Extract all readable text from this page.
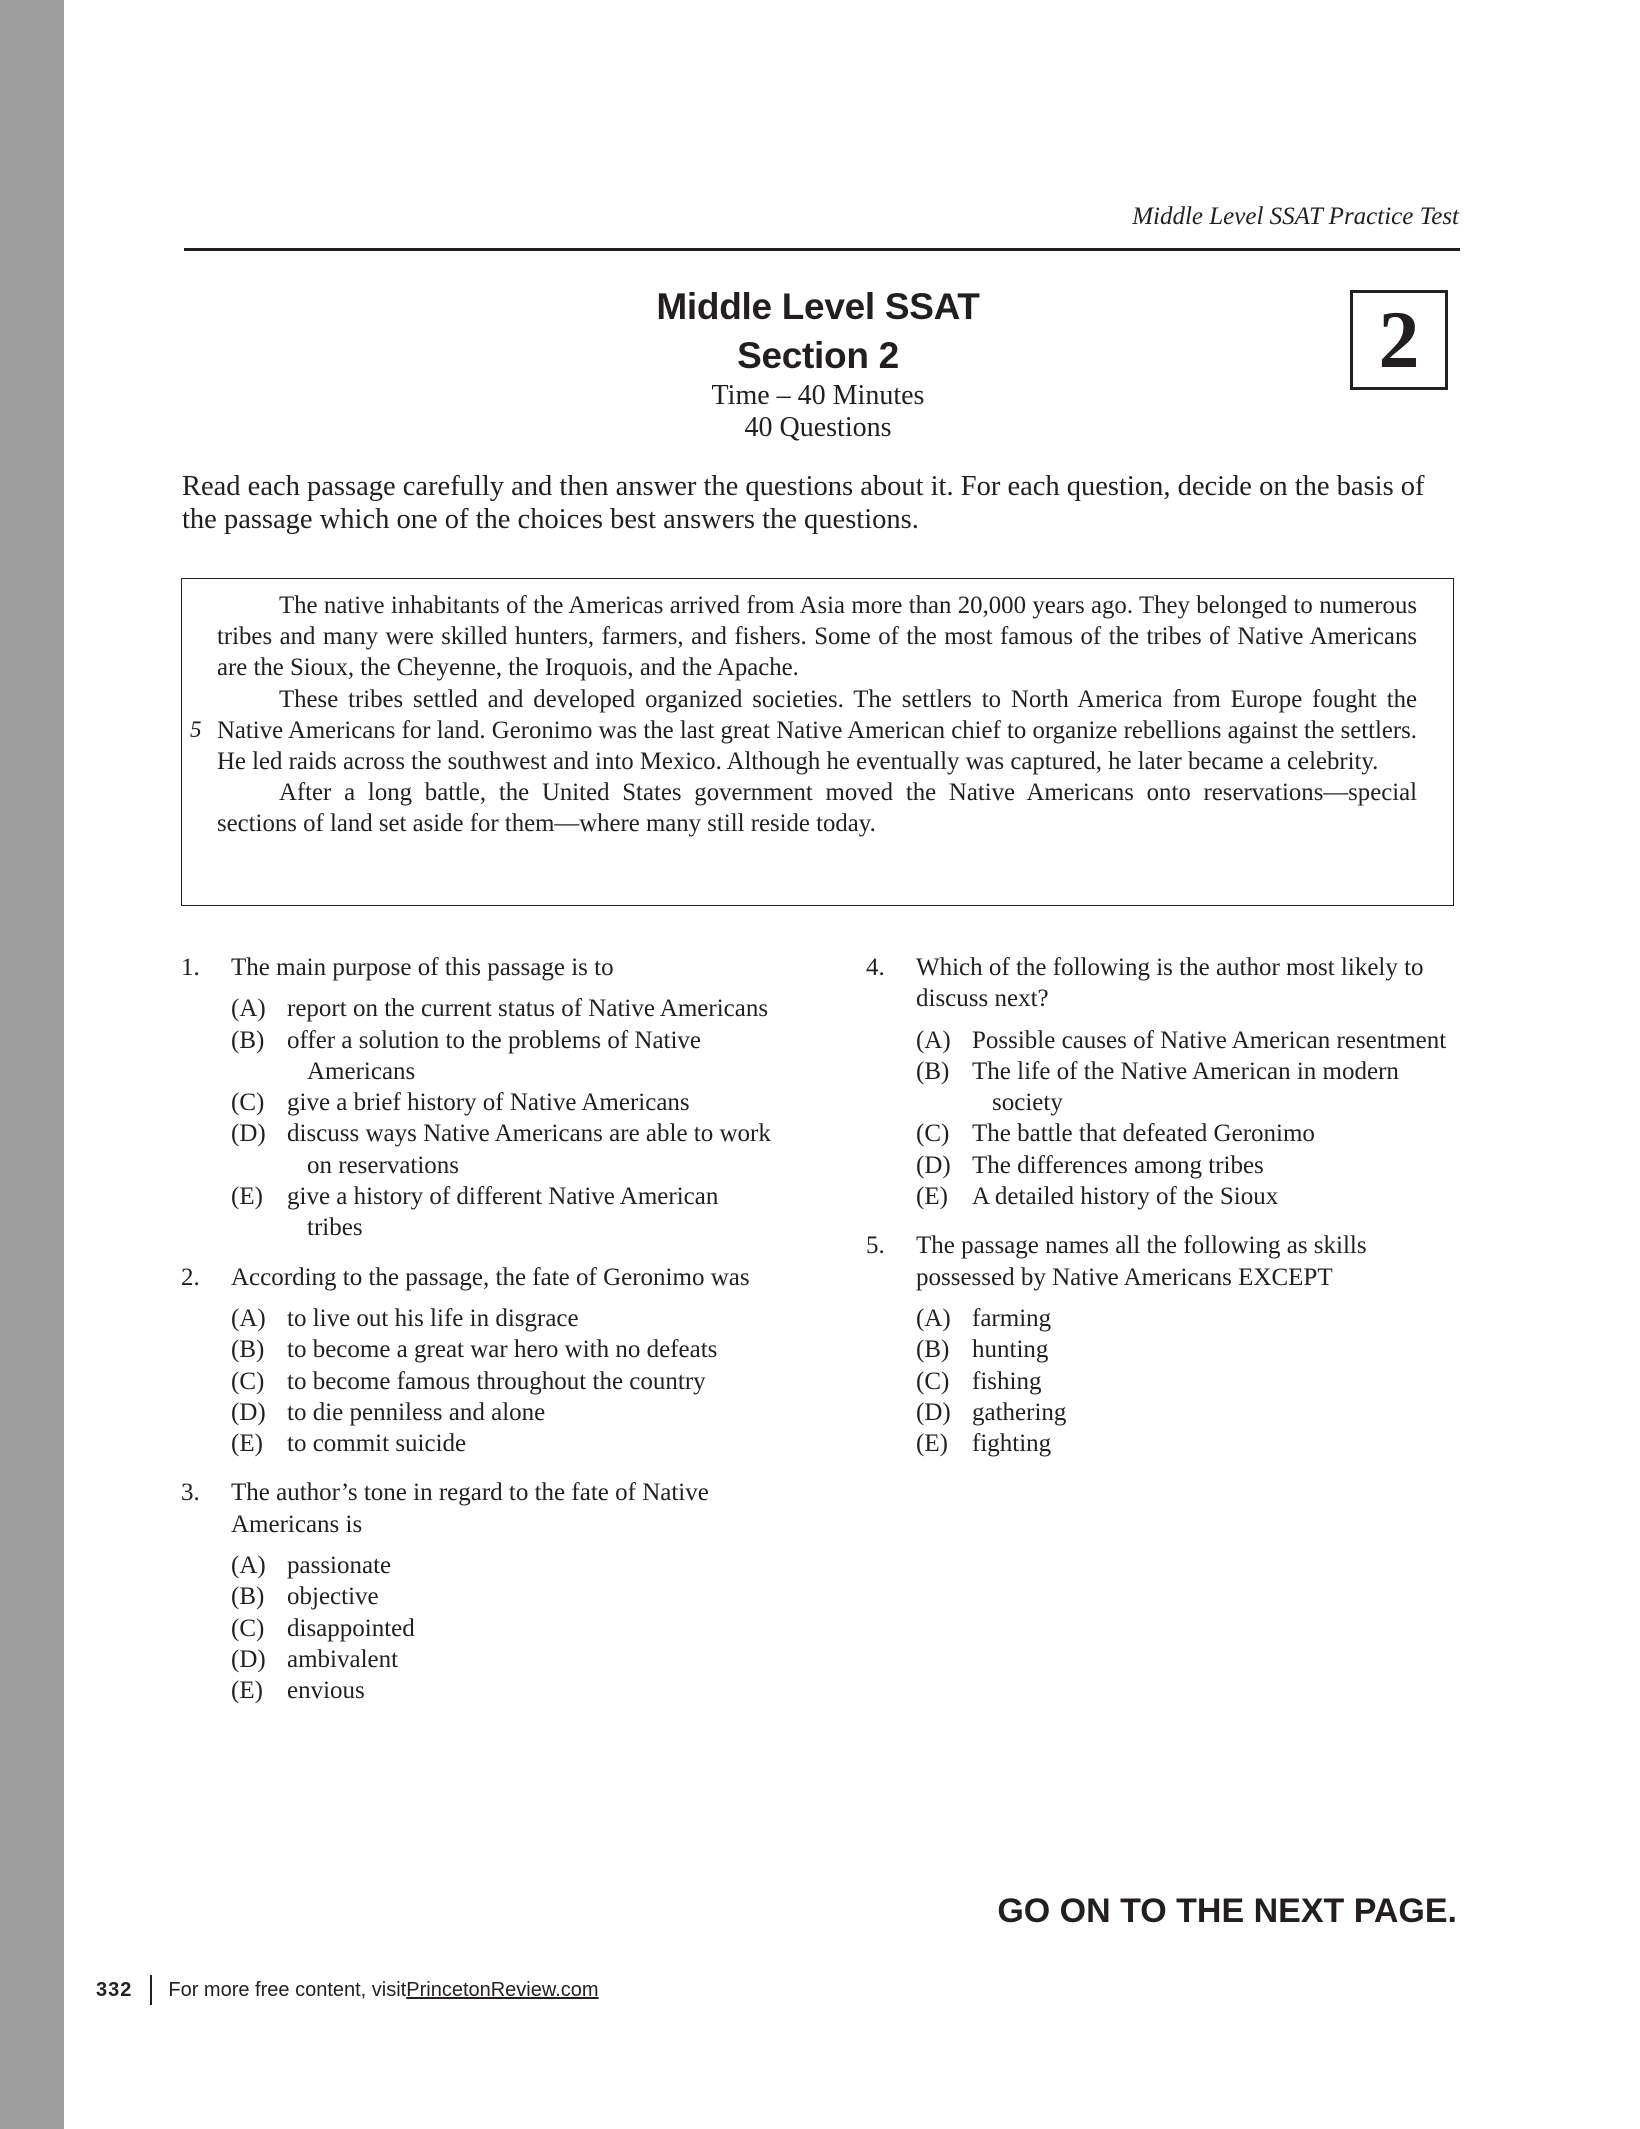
Middle Level SSAT Practice Test
Middle Level SSAT
Section 2
Time – 40 Minutes
40 Questions
2
Read each passage carefully and then answer the questions about it. For each question, decide on the basis of the passage which one of the choices best answers the questions.

The native inhabitants of the Americas arrived from Asia more than 20,000 years ago. They belonged to numerous tribes and many were skilled hunters, farmers, and fishers. Some of the most famous of the tribes of Native Americans are the Sioux, the Cheyenne, the Iroquois, and the Apache.

These tribes settled and developed organized societies. The settlers to North America from Europe fought the Native Americans for land. Geronimo was the last great Native American chief to organize rebellions against the settlers. He led raids across the southwest and into Mexico. Although he eventually was captured, he later became a celebrity.

After a long battle, the United States government moved the Native Americans onto reservations—special sections of land set aside for them—where many still reside today.

5
1.	The main purpose of this passage is to
(A) report on the current status of Native Americans
(B) offer a solution to the problems of Native Americans
(C) give a brief history of Native Americans
(D) discuss ways Native Americans are able to work on reservations
(E) give a history of different Native American tribes
2.	According to the passage, the fate of Geronimo was
(A) to live out his life in disgrace
(B) to become a great war hero with no defeats
(C) to become famous throughout the country
(D) to die penniless and alone
(E) to commit suicide
3.	The author’s tone in regard to the fate of Native Americans is
(A) passionate
(B) objective
(C) disappointed
(D) ambivalent
(E) envious
4.	Which of the following is the author most likely to discuss next?
(A) Possible causes of Native American resentment
(B) The life of the Native American in modern society
(C) The battle that defeated Geronimo
(D) The differences among tribes
(E) A detailed history of the Sioux
5.	The passage names all the following as skills possessed by Native Americans EXCEPT
(A) farming
(B) hunting
(C) fishing
(D) gathering
(E) fighting
GO ON TO THE NEXT PAGE.
332 For more free content, visit PrincetonReview.com
